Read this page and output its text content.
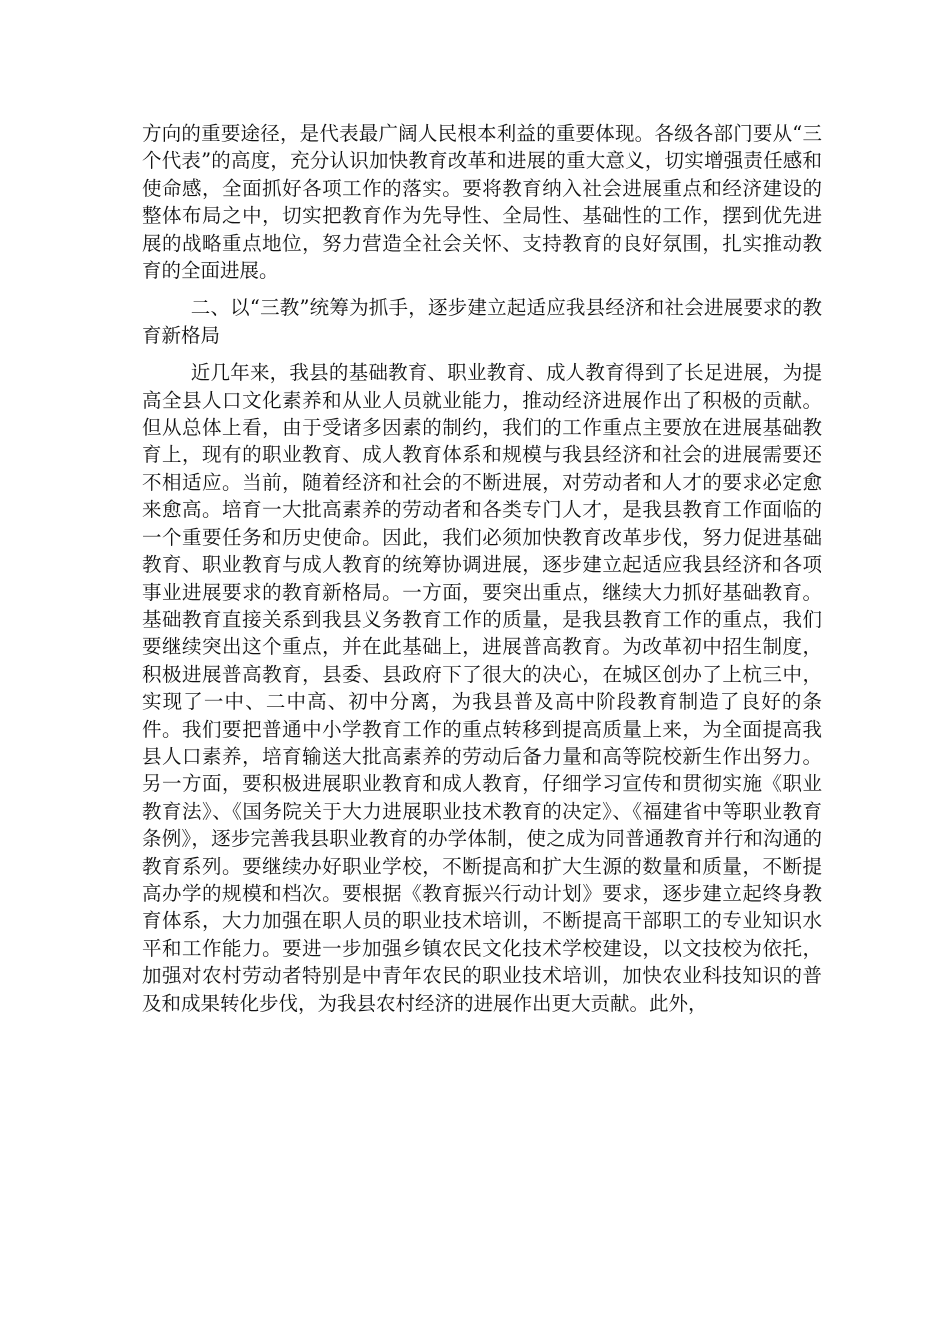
方向的重要途径，是代表最广阔人民根本利益的重要体现。各级各部门要从“三个代表”的高度，充分认识加快教育改革和进展的重大意义，切实增强责任感和使命感，全面抓好各项工作的落实。要将教育纳入社会进展重点和经济建设的整体布局之中，切实把教育作为先导性、全局性、基础性的工作，摆到优先进展的战略重点地位，努力营造全社会关怀、支持教育的良好氛围，扎实推动教育的全面进展。

二、以“三教”统筹为抓手，逐步建立起适应我县经济和社会进展要求的教育新格局

近几年来，我县的基础教育、职业教育、成人教育得到了长足进展，为提高全县人口文化素养和从业人员就业能力，推动经济进展作出了积极的贡献。但从总体上看，由于受诸多因素的制约，我们的工作重点主要放在进展基础教育上，现有的职业教育、成人教育体系和规模与我县经济和社会的进展需要还不相适应。当前，随着经济和社会的不断进展，对劳动者和人才的要求必定愈来愈高。培育一大批高素养的劳动者和各类专门人才，是我县教育工作面临的一个重要任务和历史使命。因此，我们必须加快教育改革步伐，努力促进基础教育、职业教育与成人教育的统筹协调进展，逐步建立起适应我县经济和各项事业进展要求的教育新格局。一方面，要突出重点，继续大力抓好基础教育。基础教育直接关系到我县义务教育工作的质量，是我县教育工作的重点，我们要继续突出这个重点，并在此基础上，进展普高教育。为改革初中招生制度，积极进展普高教育，县委、县政府下了很大的决心，在城区创办了上杭三中，实现了一中、二中高、初中分离，为我县普及高中阶段教育制造了良好的条件。我们要把普通中小学教育工作的重点转移到提高质量上来，为全面提高我县人口素养，培育输送大批高素养的劳动后备力量和高等院校新生作出努力。另一方面，要积极进展职业教育和成人教育，仔细学习宣传和贯彻实施《职业教育法》、《国务院关于大力进展职业技术教育的决定》、《福建省中等职业教育条例》，逐步完善我县职业教育的办学体制，使之成为同普通教育并行和沟通的教育系列。要继续办好职业学校，不断提高和扩大生源的数量和质量，不断提高办学的规模和档次。要根据《教育振兴行动计划》要求，逐步建立起终身教育体系，大力加强在职人员的职业技术培训，不断提高干部职工的专业知识水平和工作能力。要进一步加强乡镇农民文化技术学校建设，以文技校为依托，加强对农村劳动者特别是中青年农民的职业技术培训，加快农业科技知识的普及和成果转化步伐，为我县农村经济的进展作出更大贡献。此外，
